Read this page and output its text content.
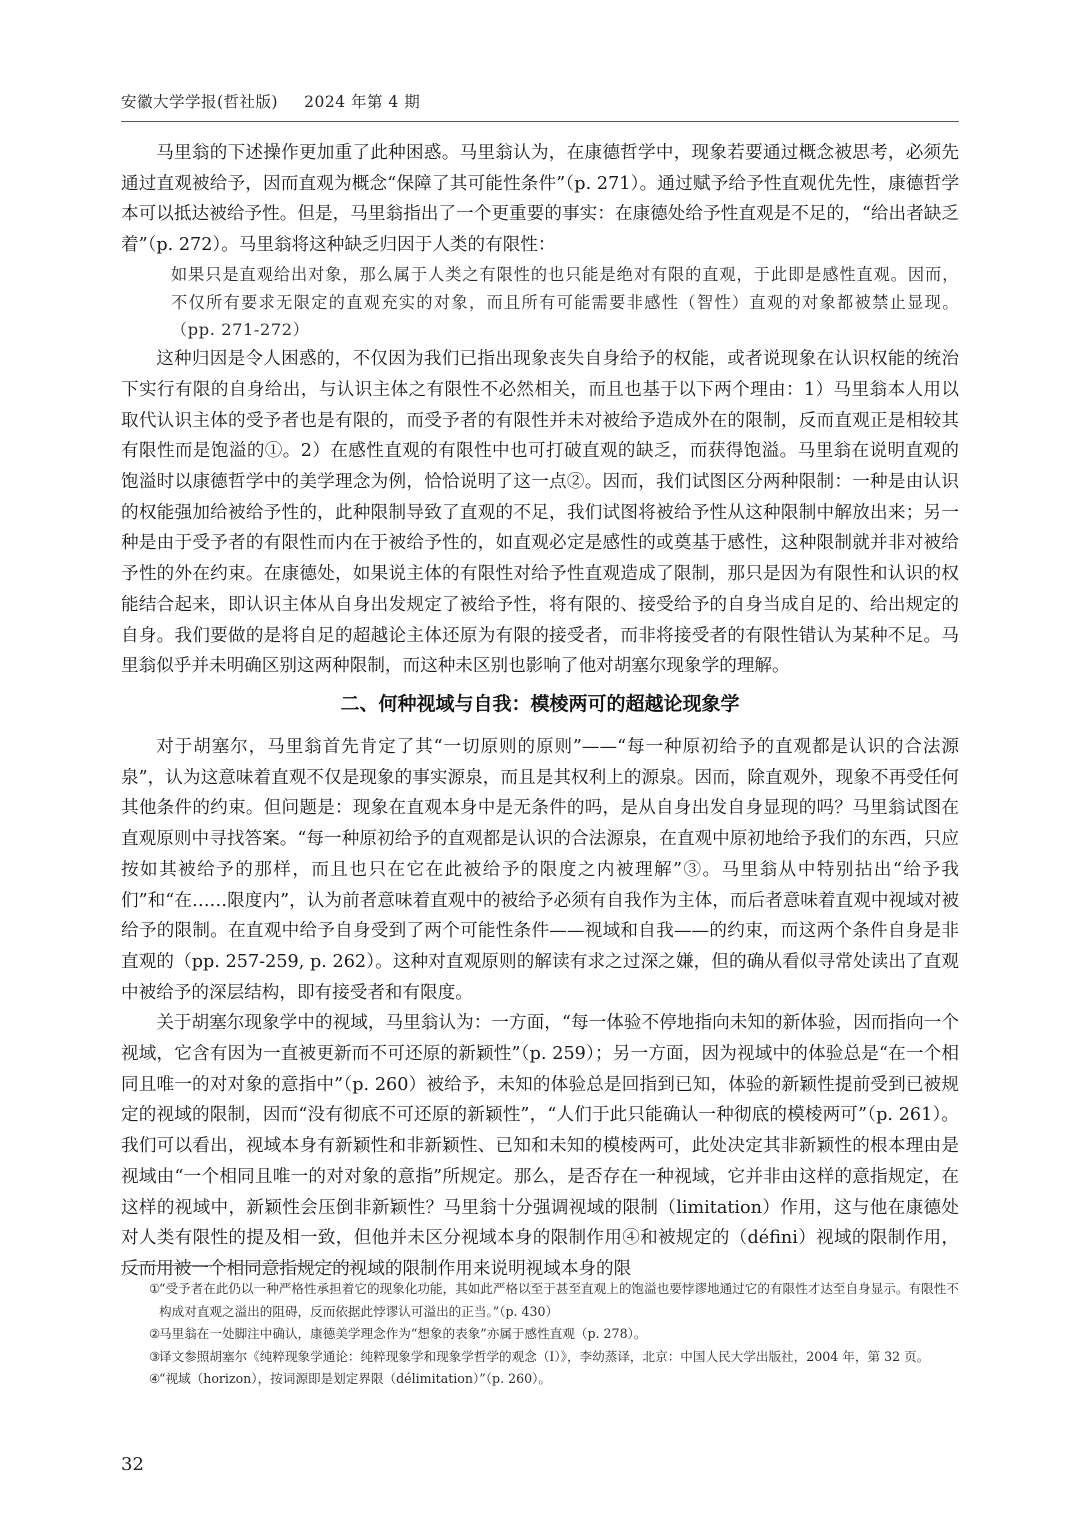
安徽大学学报(哲社版) 2024 年第 4 期

马里翁的下述操作更加重了此种困惑。马里翁认为，在康德哲学中，现象若要通过概念被思考，必须先通过直观被给予，因而直观为概念“保障了其可能性条件”（p. 271）。通过赋予给予性直观优先性，康德哲学本可以抵达被给予性。但是，马里翁指出了一个更重要的事实：在康德处给予性直观是不足的，“给出者缺乏着”（p. 272）。马里翁将这种缺乏归因于人类的有限性：

如果只是直观给出对象，那么属于人类之有限性的也只能是绝对有限的直观，于此即是感性直观。因而，不仅所有要求无限定的直观充实的对象，而且所有可能需要非感性（智性）直观的对象都被禁止显现。（pp. 271-272）

这种归因是令人困惑的，不仅因为我们已指出现象丧失自身给予的权能，或者说现象在认识权能的统治下实行有限的自身给出，与认识主体之有限性不必然相关，而且也基于以下两个理由：1）马里翁本人用以取代认识主体的受予者也是有限的，而受予者的有限性并未对被给予造成外在的限制，反而直观正是相较其有限性而是饱溢的①。2）在感性直观的有限性中也可打破直观的缺乏，而获得饱溢。马里翁在说明直观的饱溢时以康德哲学中的美学理念为例，恰恰说明了这一点②。因而，我们试图区分两种限制：一种是由认识的权能强加给被给予性的，此种限制导致了直观的不足，我们试图将被给予性从这种限制中解放出来；另一种是由于受予者的有限性而内在于被给予性的，如直观必定是感性的或奠基于感性，这种限制就并非对被给予性的外在约束。在康德处，如果说主体的有限性对给予性直观造成了限制，那只是因为有限性和认识的权能结合起来，即认识主体从自身出发规定了被给予性，将有限的、接受给予的自身当成自足的、给出规定的自身。我们要做的是将自足的超越论主体还原为有限的接受者，而非将接受者的有限性错认为某种不足。马里翁似乎并未明确区别这两种限制，而这种未区别也影响了他对胡塞尔现象学的理解。

二、何种视域与自我：模棱两可的超越论现象学

对于胡塞尔，马里翁首先肯定了其“一切原则的原则”——“每一种原初给予的直观都是认识的合法源泉”，认为这意味着直观不仅是现象的事实源泉，而且是其权利上的源泉。因而，除直观外，现象不再受任何其他条件的约束。但问题是：现象在直观本身中是无条件的吗，是从自身出发自身显现的吗？马里翁试图在直观原则中寻找答案。“每一种原初给予的直观都是认识的合法源泉，在直观中原初地给予我们的东西，只应按如其被给予的那样，而且也只在它在此被给予的限度之内被理解”③。马里翁从中特别拈出“给予我们”和“在……限度内”，认为前者意味着直观中的被给予必须有自我作为主体，而后者意味着直观中视域对被给予的限制。在直观中给予自身受到了两个可能性条件——视域和自我——的约束，而这两个条件自身是非直观的（pp. 257-259, p. 262）。这种对直观原则的解读有求之过深之嫌，但的确从看似寻常处读出了直观中被给予的深层结构，即有接受者和有限度。

关于胡塞尔现象学中的视域，马里翁认为：一方面，“每一体验不停地指向未知的新体验，因而指向一个视域，它含有因为一直被更新而不可还原的新颖性”（p. 259）；另一方面，因为视域中的体验总是“在一个相同且唯一的对对象的意指中”（p. 260）被给予，未知的体验总是回指到已知，体验的新颖性提前受到已被规定的视域的限制，因而“没有彻底不可还原的新颖性”，“人们于此只能确认一种彻底的模棱两可”（p. 261）。我们可以看出，视域本身有新颖性和非新颖性、已知和未知的模棱两可，此处决定其非新颖性的根本理由是视域由“一个相同且唯一的对对象的意指”所规定。那么，是否存在一种视域，它并非由这样的意指规定，在这样的视域中，新颖性会压倒非新颖性？马里翁十分强调视域的限制（limitation）作用，这与他在康德处对人类有限性的提及相一致，但他并未区分视域本身的限制作用④和被规定的（défini）视域的限制作用，反而用被一个相同意指规定的视域的限制作用来说明视域本身的限

①
“受予者在此仍以一种严格性承担着它的现象化功能，其如此严格以至于甚至直观上的饱溢也要悖谬地通过它的有限性才达至自身显示。有限性不构成对直观之溢出的阻碍，反而依据此悖谬认可溢出的正当。”（p. 430）

②
马里翁在一处脚注中确认，康德美学理念作为“想象的表象”亦属于感性直观（p. 278）。

③
译文参照胡塞尔《纯粹现象学通论：纯粹现象学和现象学哲学的观念（I）》，李幼蒸译，北京：中国人民大学出版社，2004 年，第 32 页。

④
“视域（horizon），按词源即是划定界限（délimitation）”（p. 260）。

32
